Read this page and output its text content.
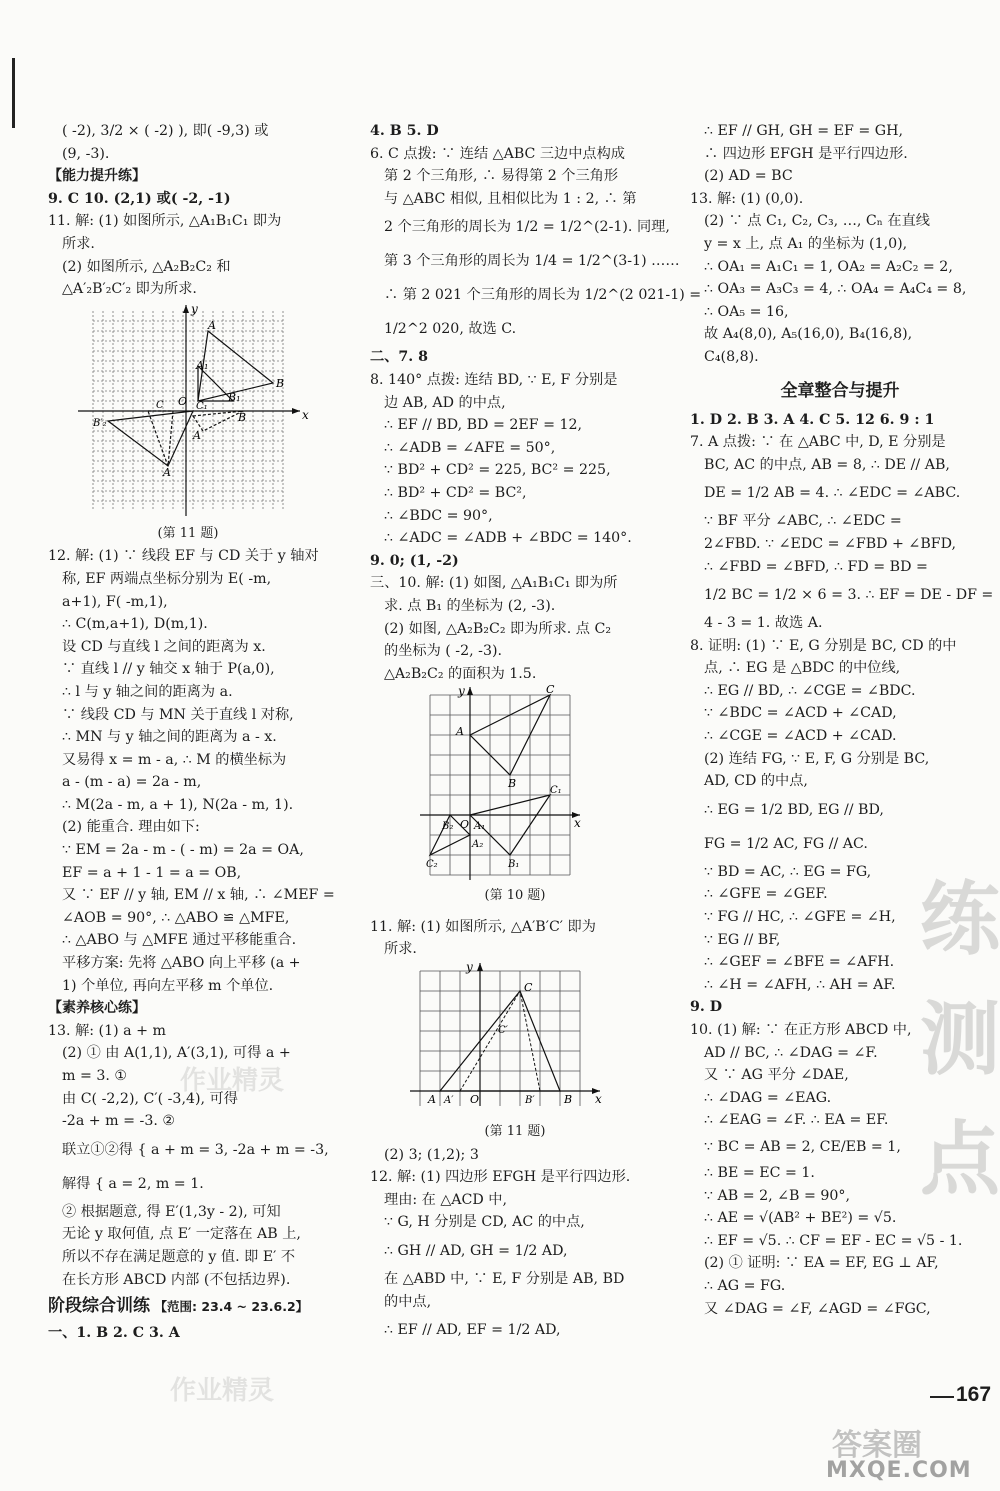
( -2), 3/2 × ( -2) ), 即( -9,3) 或
(9, -3).
【能力提升练】
9. C 10. (2,1) 或( -2, -1)
11. 解: (1) 如图所示, △A₁B₁C₁ 即为
所求.
(2) 如图所示, △A₂B₂C₂ 和
△A′₂B′₂C′₂ 即为所求.
x
y
O
A
B
A₁
B₁
B′₂
C
A
A
B
C₁
(第 11 题)
12. 解: (1) ∵ 线段 EF 与 CD 关于 y 轴对
称, EF 两端点坐标分别为 E( -m,
a+1), F( -m,1),
∴ C(m,a+1), D(m,1).
设 CD 与直线 l 之间的距离为 x.
∵ 直线 l // y 轴交 x 轴于 P(a,0),
∴ l 与 y 轴之间的距离为 a.
∵ 线段 CD 与 MN 关于直线 l 对称,
∴ MN 与 y 轴之间的距离为 a - x.
又易得 x = m - a, ∴ M 的横坐标为
a - (m - a) = 2a - m,
∴ M(2a - m, a + 1), N(2a - m, 1).
(2) 能重合. 理由如下:
∵ EM = 2a - m - ( - m) = 2a = OA,
EF = a + 1 - 1 = a = OB,
又 ∵ EF // y 轴, EM // x 轴, ∴ ∠MEF =
∠AOB = 90°, ∴ △ABO ≌ △MFE,
∴ △ABO 与 △MFE 通过平移能重合.
平移方案: 先将 △ABO 向上平移 (a +
1) 个单位, 再向左平移 m 个单位.
【素养核心练】
13. 解: (1) a + m
(2) ① 由 A(1,1), A′(3,1), 可得 a +
m = 3. ①
由 C( -2,2), C′( -3,4), 可得
-2a + m = -3. ②
联立①②得 { a + m = 3, -2a + m = -3,
解得 { a = 2, m = 1.
② 根据题意, 得 E′(1,3y - 2), 可知
无论 y 取何值, 点 E′ 一定落在 AB 上,
所以不存在满足题意的 y 值. 即 E′ 不
在长方形 ABCD 内部 (不包括边界).
阶段综合训练 【范围: 23.4 ~ 23.6.2】
一、1. B 2. C 3. A
4. B 5. D
6. C 点拨: ∵ 连结 △ABC 三边中点构成
第 2 个三角形, ∴ 易得第 2 个三角形
与 △ABC 相似, 且相似比为 1 : 2, ∴ 第
2 个三角形的周长为 1/2 = 1/2^(2-1). 同理,
第 3 个三角形的周长为 1/4 = 1/2^(3-1) ……
∴ 第 2 021 个三角形的周长为 1/2^(2 021-1) =
1/2^2 020, 故选 C.
二、7. 8
8. 140° 点拨: 连结 BD, ∵ E, F 分别是
边 AB, AD 的中点,
∴ EF // BD, BD = 2EF = 12,
∴ ∠ADB = ∠AFE = 50°,
∵ BD² + CD² = 225, BC² = 225,
∴ BD² + CD² = BC²,
∴ ∠BDC = 90°,
∴ ∠ADC = ∠ADB + ∠BDC = 140°.
9. 0; (1, -2)
三、10. 解: (1) 如图, △A₁B₁C₁ 即为所
求. 点 B₁ 的坐标为 (2, -3).
(2) 如图, △A₂B₂C₂ 即为所求. 点 C₂
的坐标为 ( -2, -3).
△A₂B₂C₂ 的面积为 1.5.
x
y
O
A
C
B
C₁
B₂ A₁
A₂
C₂	B₁
(第 10 题)
11. 解: (1) 如图所示, △A′B′C′ 即为
所求.
x
y
C
C′
A A′ O	B′	B
(第 11 题)
(2) 3; (1,2); 3
12. 解: (1) 四边形 EFGH 是平行四边形.
理由: 在 △ACD 中,
∵ G, H 分别是 CD, AC 的中点,
∴ GH // AD, GH = 1/2 AD,
在 △ABD 中, ∵ E, F 分别是 AB, BD
的中点,
∴ EF // AD, EF = 1/2 AD,
∴ EF // GH, GH = EF = GH,
∴ 四边形 EFGH 是平行四边形.
(2) AD = BC
13. 解: (1) (0,0).
(2) ∵ 点 C₁, C₂, C₃, …, Cₙ 在直线
y = x 上, 点 A₁ 的坐标为 (1,0),
∴ OA₁ = A₁C₁ = 1, OA₂ = A₂C₂ = 2,
∴ OA₃ = A₃C₃ = 4, ∴ OA₄ = A₄C₄ = 8,
∴ OA₅ = 16,
故 A₄(8,0), A₅(16,0), B₄(16,8),
C₄(8,8).
全章整合与提升
1. D 2. B 3. A 4. C 5. 12 6. 9 : 1
7. A 点拨: ∵ 在 △ABC 中, D, E 分别是
BC, AC 的中点, AB = 8, ∴ DE // AB,
DE = 1/2 AB = 4. ∴ ∠EDC = ∠ABC.
∵ BF 平分 ∠ABC, ∴ ∠EDC =
2∠FBD. ∵ ∠EDC = ∠FBD + ∠BFD,
∴ ∠FBD = ∠BFD, ∴ FD = BD =
1/2 BC = 1/2 × 6 = 3. ∴ EF = DE - DF =
4 - 3 = 1. 故选 A.
8. 证明: (1) ∵ E, G 分别是 BC, CD 的中
点, ∴ EG 是 △BDC 的中位线,
∴ EG // BD, ∴ ∠CGE = ∠BDC.
∵ ∠BDC = ∠ACD + ∠CAD,
∴ ∠CGE = ∠ACD + ∠CAD.
(2) 连结 FG, ∵ E, F, G 分别是 BC,
AD, CD 的中点,
∴ EG = 1/2 BD, EG // BD,
FG = 1/2 AC, FG // AC.
∵ BD = AC, ∴ EG = FG,
∴ ∠GFE = ∠GEF.
∵ FG // HC, ∴ ∠GFE = ∠H,
∵ EG // BF,
∴ ∠GEF = ∠BFE = ∠AFH.
∴ ∠H = ∠AFH, ∴ AH = AF.
9. D
10. (1) 解: ∵ 在正方形 ABCD 中,
AD // BC, ∴ ∠DAG = ∠F.
又 ∵ AG 平分 ∠DAE,
∴ ∠DAG = ∠EAG.
∴ ∠EAG = ∠F. ∴ EA = EF.
∵ BC = AB = 2, CE/EB = 1,
∴ BE = EC = 1.
∵ AB = 2, ∠B = 90°,
∴ AE = √(AB² + BE²) = √5.
∴ EF = √5. ∴ CF = EF - EC = √5 - 1.
(2) ① 证明: ∵ EA = EF, EG ⊥ AF,
∴ AG = FG.
又 ∠DAG = ∠F, ∠AGD = ∠FGC,
练测点
作业精灵
作业精灵	167
答案圈
MXQE.COM
